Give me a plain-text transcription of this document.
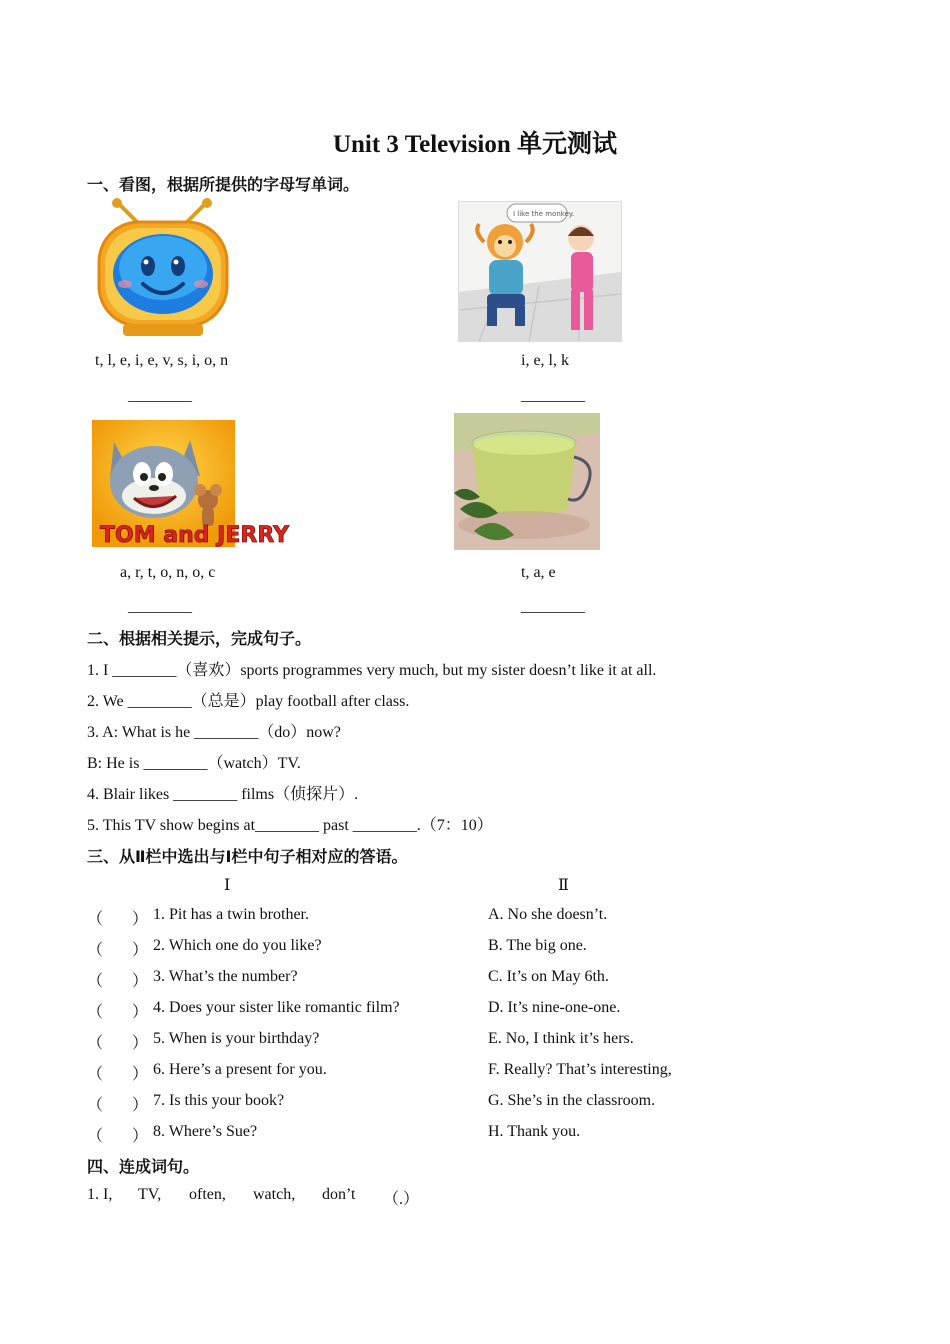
Unit 3 Television 单元测试
一、看图，根据所提供的字母写单词。
I like the monkey.
t, l, e, i, e, v, s, i, o, n	i, e, l, k
________	________
TOM and JERRY
a, r, t, o, n, o, c	t, a, e
________	________
二、根据相关提示，完成句子。
1. I ________（喜欢）sports programmes very much, but my sister doesn’t like it at all.
2. We ________（总是）play football after class.
3. A: What is he ________（do）now?
B: He is ________（watch）TV.
4. Blair likes ________ films（侦探片）.
5. This TV show begins at________ past ________.（7：10）
三、从Ⅱ栏中选出与Ⅰ栏中句子相对应的答语。
Ⅰ	Ⅱ
（ ） 1. Pit has a twin brother.	A. No she doesn’t.
（ ） 2. Which one do you like?	B. The big one.
（ ） 3. What’s the number?	C. It’s on May 6th.
（ ） 4. Does your sister like romantic film?	D. It’s nine-one-one.
（ ） 5. When is your birthday?	E. No, I think it’s hers.
（ ） 6. Here’s a present for you.	F. Really? That’s interesting,
（ ） 7. Is this your book?	G. She’s in the classroom.
（ ） 8. Where’s Sue?	H. Thank you.
四、连成词句。
1. I, TV, often, watch, don’t （.）
